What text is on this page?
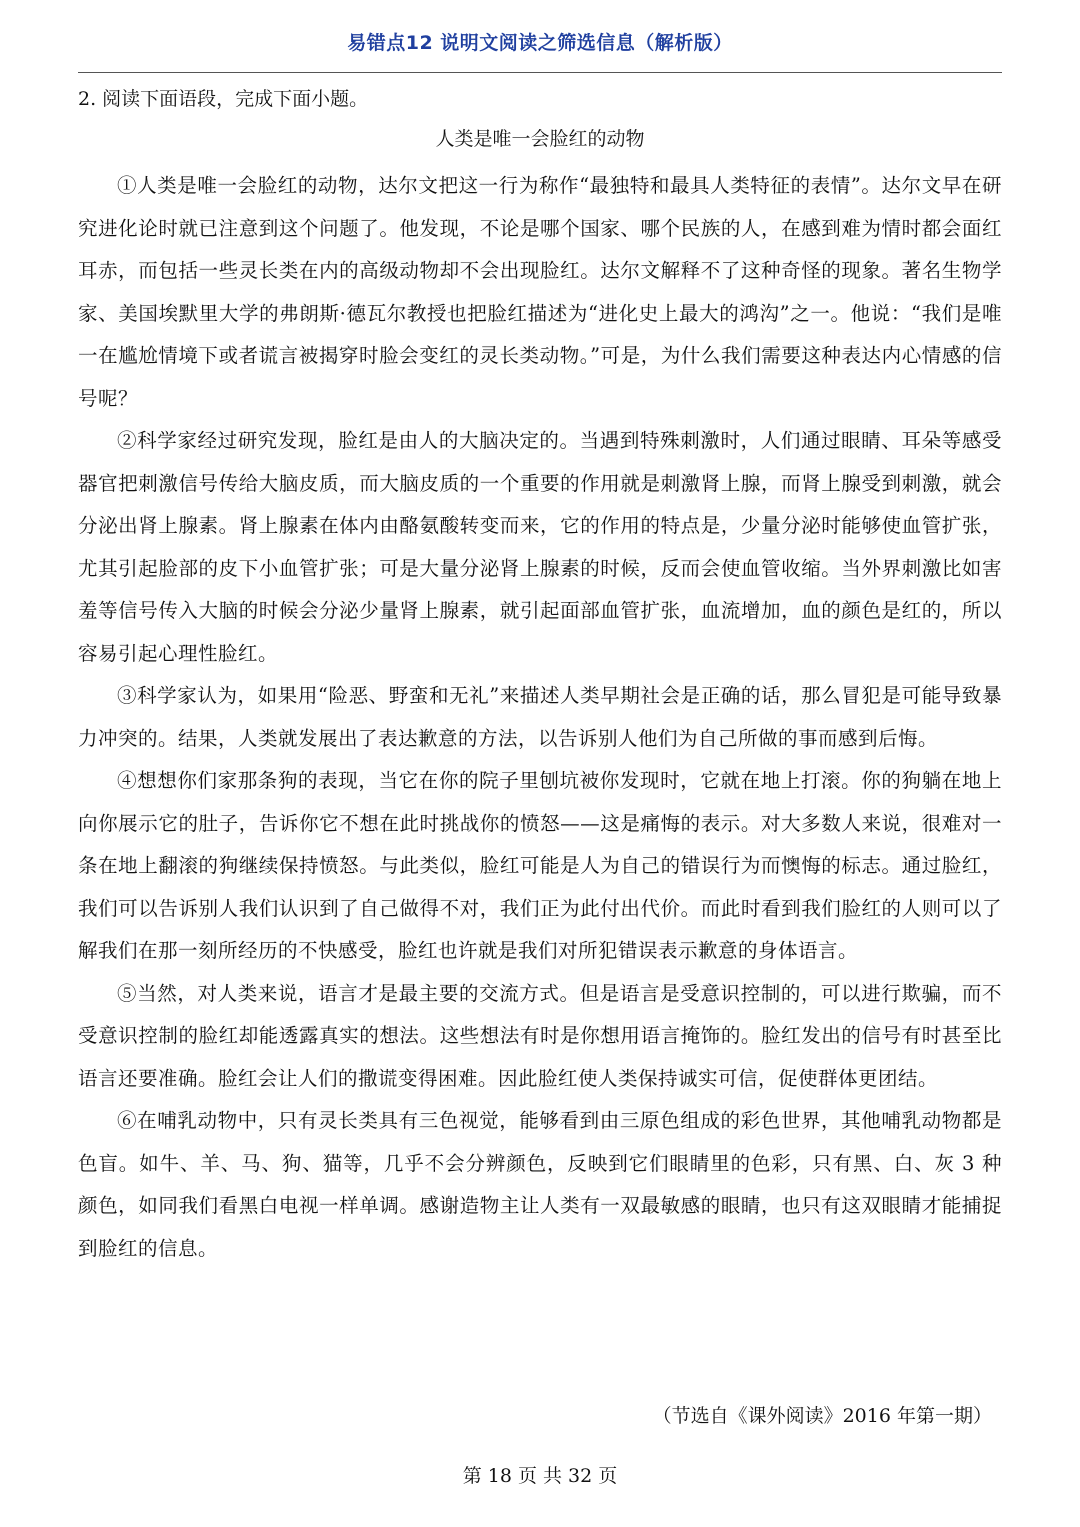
易错点12 说明文阅读之筛选信息（解析版）
2. 阅读下面语段，完成下面小题。
人类是唯一会脸红的动物

①人类是唯一会脸红的动物，达尔文把这一行为称作“最独特和最具人类特征的表情”。达尔文早在研究进化论时就已注意到这个问题了。他发现，不论是哪个国家、哪个民族的人，在感到难为情时都会面红耳赤，而包括一些灵长类在内的高级动物却不会出现脸红。达尔文解释不了这种奇怪的现象。著名生物学家、美国埃默里大学的弗朗斯·德瓦尔教授也把脸红描述为“进化史上最大的鸿沟”之一。他说：“我们是唯一在尴尬情境下或者谎言被揭穿时脸会变红的灵长类动物。”可是，为什么我们需要这种表达内心情感的信号呢？

②科学家经过研究发现，脸红是由人的大脑决定的。当遇到特殊刺激时，人们通过眼睛、耳朵等感受器官把刺激信号传给大脑皮质，而大脑皮质的一个重要的作用就是刺激肾上腺，而肾上腺受到刺激，就会分泌出肾上腺素。肾上腺素在体内由酪氨酸转变而来，它的作用的特点是，少量分泌时能够使血管扩张，尤其引起脸部的皮下小血管扩张；可是大量分泌肾上腺素的时候，反而会使血管收缩。当外界刺激比如害羞等信号传入大脑的时候会分泌少量肾上腺素，就引起面部血管扩张，血流增加，血的颜色是红的，所以容易引起心理性脸红。

③科学家认为，如果用“险恶、野蛮和无礼”来描述人类早期社会是正确的话，那么冒犯是可能导致暴力冲突的。结果，人类就发展出了表达歉意的方法，以告诉别人他们为自己所做的事而感到后悔。

④想想你们家那条狗的表现，当它在你的院子里刨坑被你发现时，它就在地上打滚。你的狗躺在地上向你展示它的肚子，告诉你它不想在此时挑战你的愤怒——这是痛悔的表示。对大多数人来说，很难对一条在地上翻滚的狗继续保持愤怒。与此类似，脸红可能是人为自己的错误行为而懊悔的标志。通过脸红，我们可以告诉别人我们认识到了自己做得不对，我们正为此付出代价。而此时看到我们脸红的人则可以了解我们在那一刻所经历的不快感受，脸红也许就是我们对所犯错误表示歉意的身体语言。

⑤当然，对人类来说，语言才是最主要的交流方式。但是语言是受意识控制的，可以进行欺骗，而不受意识控制的脸红却能透露真实的想法。这些想法有时是你想用语言掩饰的。脸红发出的信号有时甚至比语言还要准确。脸红会让人们的撒谎变得困难。因此脸红使人类保持诚实可信，促使群体更团结。

⑥在哺乳动物中，只有灵长类具有三色视觉，能够看到由三原色组成的彩色世界，其他哺乳动物都是色盲。如牛、羊、马、狗、猫等，几乎不会分辨颜色，反映到它们眼睛里的色彩，只有黑、白、灰 3 种颜色，如同我们看黑白电视一样单调。感谢造物主让人类有一双最敏感的眼睛，也只有这双眼睛才能捕捉到脸红的信息。

（节选自《课外阅读》2016 年第一期）
第 18 页 共 32 页
